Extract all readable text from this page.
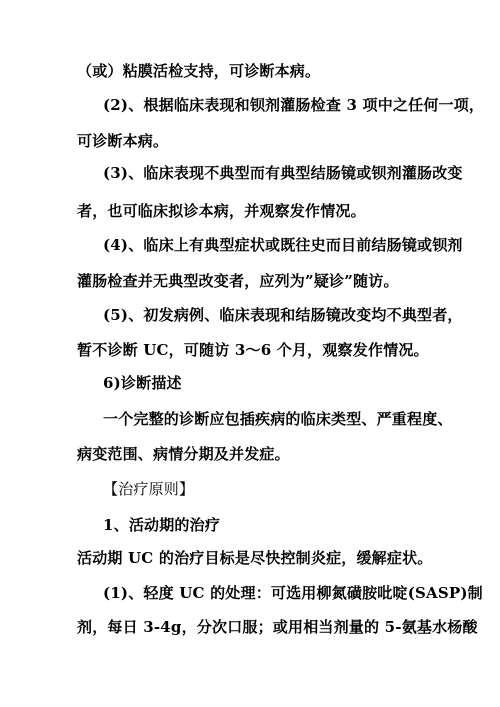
（或）粘膜活检支持，可诊断本病。
(2)、根据临床表现和钡剂灌肠检查 3 项中之任何一项，
可诊断本病。
(3)、临床表现不典型而有典型结肠镜或钡剂灌肠改变
者，也可临床拟诊本病，并观察发作情况。
(4)、临床上有典型症状或既往史而目前结肠镜或钡剂
灌肠检查并无典型改变者，应列为”疑诊”随访。
(5)、初发病例、临床表现和结肠镜改变均不典型者，
暂不诊断 UC，可随访 3～6 个月，观察发作情况。
6)诊断描述
一个完整的诊断应包插疾病的临床类型、严重程度、
病变范围、病情分期及并发症。
【治疗原则】
1、活动期的治疗
活动期 UC 的治疗目标是尽快控制炎症，缓解症状。
(1)、轻度 UC 的处理：可选用柳氮磺胺吡啶(SASP)制
剂，每日 3-4g，分次口服；或用相当剂量的 5-氨基水杨酸
